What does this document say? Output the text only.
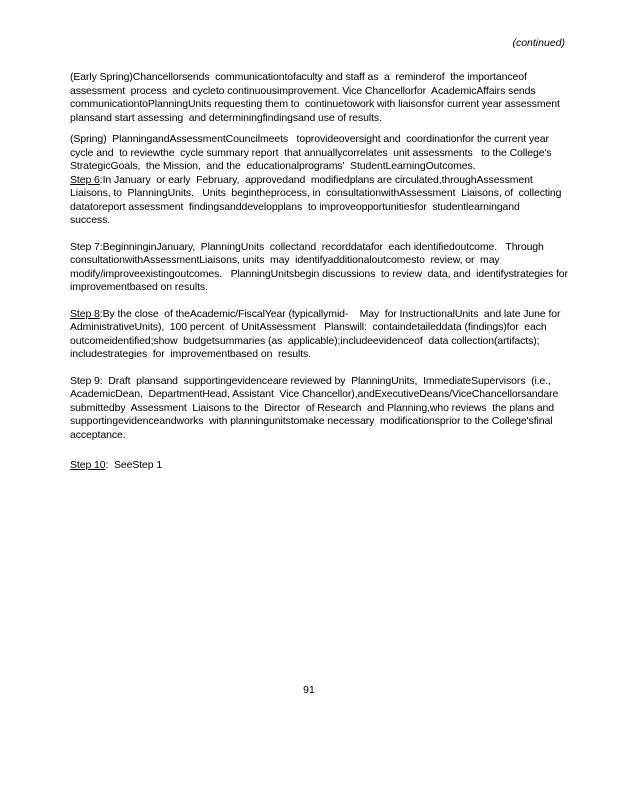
(continued)
(Early Spring)Chancellorsends  communicationtofaculty and staff as  a  reminderof  the importanceof
assessment  process  and cycleto continuousimprovement. Vice Chancellorfor  AcademicAffairs sends
communicationtoPlanningUnits requesting them to  continuetowork with liaisonsfor current year assessment
plansand start assessing  and determiningfindingsand use of results.
(Spring)  PlanningandAssessmentCouncilmeets   toprovideoversight and  coordinationfor the current year
cycle and  to reviewthe  cycle summary report  that annuallycorrelates  unit assessments   to the College's
StrategicGoals,  the Mission,  and the  educationalprograms'  StudentLearningOutcomes.
Step 6:In January  or early  February,  approvedand  modifiedplans are circulated,throughAssessment
Liaisons, to  PlanningUnits.   Units  begintheprocess, in  consultationwithAssessment  Liaisons, of  collecting
datatoreport assessment  findingsanddevelopplans  to improveopportunitiesfor  studentlearningand
success.
Step 7:BeginninginJanuary,  PlanningUnits  collectand  recorddatafor  each identifiedoutcome.   Through
consultationwithAssessmentLiaisons, units  may  identifyadditionaloutcomesto  review, or  may
modify/improveexistingoutcomes.   PlanningUnitsbegin discussions  to review  data, and  identifystrategies for
improvementbased on results.
Step 8:By the close  of theAcademic/FiscalYear (typicallymid-    May  for InstructionalUnits  and late June for
AdministrativeUnits),  100 percent  of UnitAssessment   Planswill:  containdetaileddata (findings)for  each
outcomeidentified;show  budgetsummaries (as  applicable);includeevidenceof  data collection(artifacts);
includestrategies  for  improvementbased on  results.
Step 9:  Draft  plansand  supportingevidenceare reviewed by  PlanningUnits,  ImmediateSupervisors  (i.e.,
AcademicDean,  DepartmentHead, Assistant  Vice Chancellor),andExecutiveDeans/ViceChancellorsandare
submittedby  Assessment  Liaisons to the  Director  of Research  and Planning,who reviews  the plans and
supportingevidenceandworks  with planningunitstomake necessary  modificationsprior to the College'sfinal
acceptance.
Step 10:  SeeStep 1
91
